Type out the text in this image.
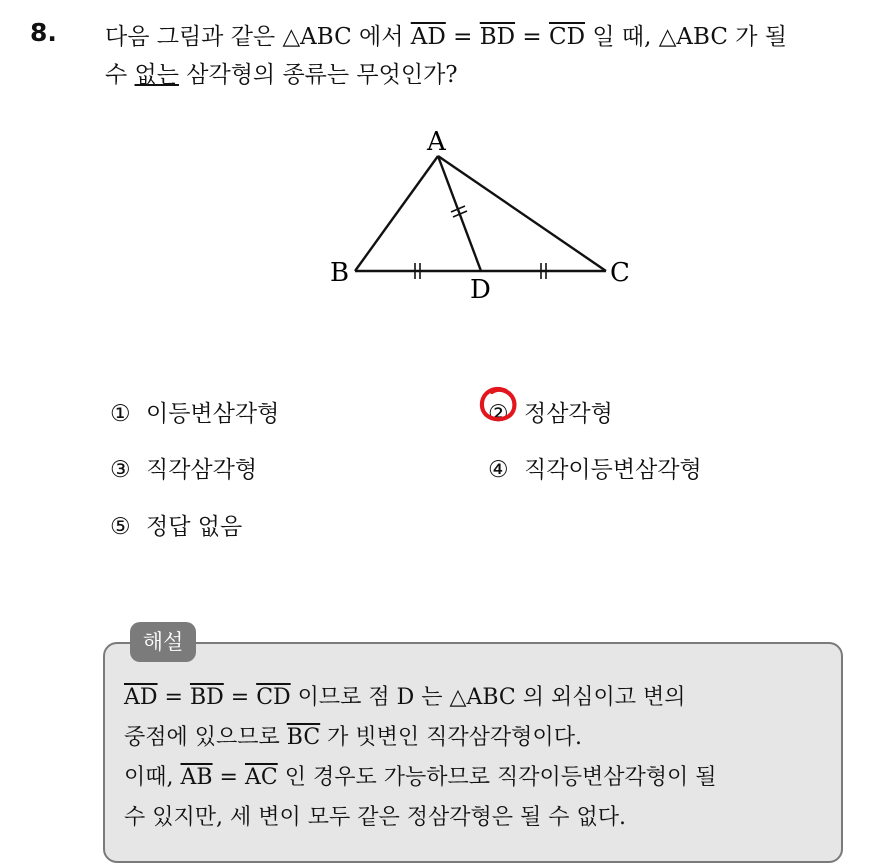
8. 다음 그림과 같은 △ABC 에서 $\overline{AD} = \overline{BD} = \overline{CD}$ 일 때, △ABC 가 될
수 없는 삼각형의 종류는 무엇인가?
A
B	C
D
① 이등변삼각형	② 정삼각형
③ 직각삼각형	④ 직각이등변삼각형
⑤ 정답 없음
해설
$\overline{AD} = \overline{BD} = \overline{CD}$ 이므로 점 D 는 △ABC 의 외심이고 변의
중점에 있으므로 $\overline{BC}$ 가 빗변인 직각삼각형이다.
이때, $\overline{AB} = \overline{AC}$ 인 경우도 가능하므로 직각이등변삼각형이 될
수 있지만, 세 변이 모두 같은 정삼각형은 될 수 없다.
